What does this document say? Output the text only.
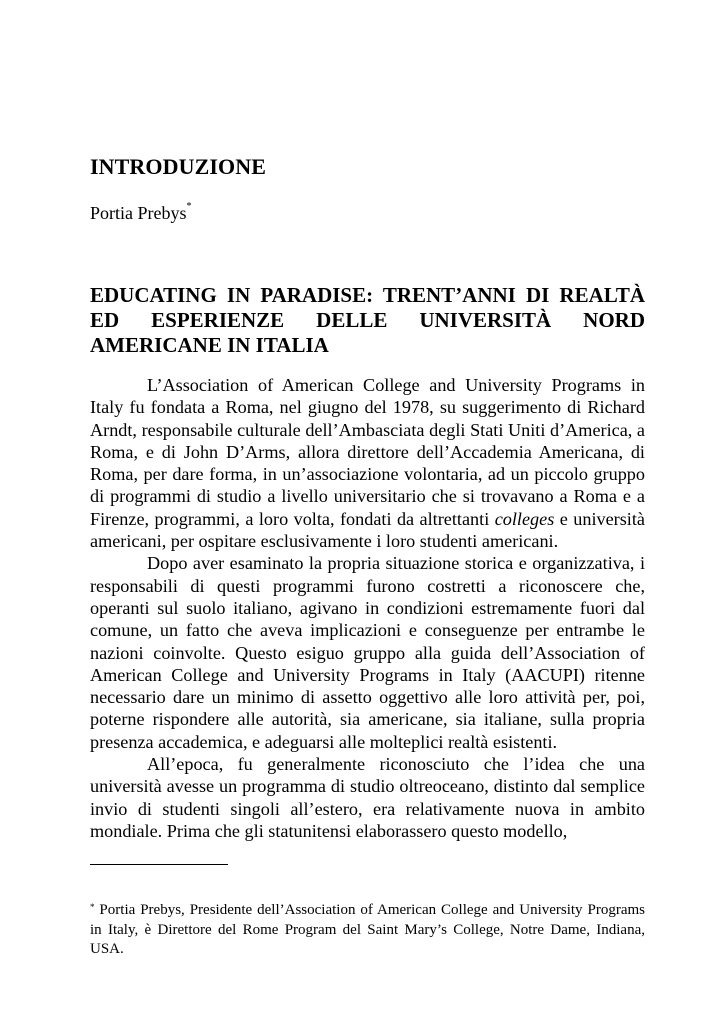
INTRODUZIONE
Portia Prebys*
EDUCATING IN PARADISE: TRENT’ANNI DI REALTÀ ED ESPERIENZE DELLE UNIVERSITÀ NORD AMERICANE IN ITALIA

L’Association of American College and University Programs in Italy fu fondata a Roma, nel giugno del 1978, su suggerimento di Richard Arndt, responsabile culturale dell’Ambasciata degli Stati Uniti d’America, a Roma, e di John D’Arms, allora direttore dell’Accademia Americana, di Roma, per dare forma, in un’associazione volontaria, ad un piccolo gruppo di programmi di studio a livello universitario che si trovavano a Roma e a Firenze, programmi, a loro volta, fondati da altrettanti colleges e università americani, per ospitare esclusivamente i loro studenti americani.

Dopo aver esaminato la propria situazione storica e organizzativa, i responsabili di questi programmi furono costretti a riconoscere che, operanti sul suolo italiano, agivano in condizioni estremamente fuori dal comune, un fatto che aveva implicazioni e conseguenze per entrambe le nazioni coinvolte. Questo esiguo gruppo alla guida dell’Association of American College and University Programs in Italy (AACUPI) ritenne necessario dare un minimo di assetto oggettivo alle loro attività per, poi, poterne rispondere alle autorità, sia americane, sia italiane, sulla propria presenza accademica, e adeguarsi alle molteplici realtà esistenti.

All’epoca, fu generalmente riconosciuto che l’idea che una università avesse un programma di studio oltreoceano, distinto dal semplice invio di studenti singoli all’estero, era relativamente nuova in ambito mondiale. Prima che gli statunitensi elaborassero questo modello,

* Portia Prebys, Presidente dell’Association of American College and University Programs in Italy, è Direttore del Rome Program del Saint Mary’s College, Notre Dame, Indiana, USA.
